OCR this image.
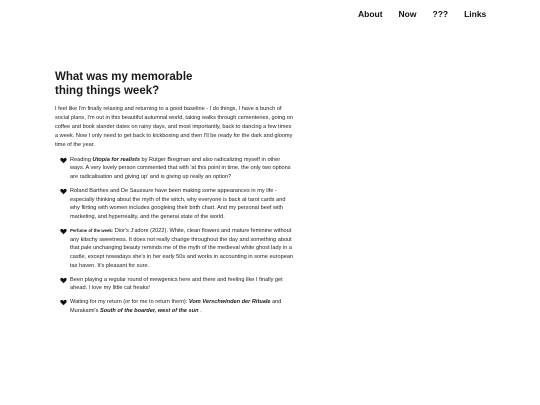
About Now ??? Links
What was my memorable thing things week?

I feel like I'm finally relaxing and returning to a good baseline - I do things, I have a bunch of social plans, I'm out in this beautiful autumnal world, taking walks through cementeries, going on coffee and book slander dates on rainy days, and most importantly, back to dancing a few times a week. Now I only need to get back to kickboxing and then I'll be ready for the dark and gloomy time of the year.

Reading Utopia for realists by Rutger Bregman and also radicalizing myself in other ways. A very lovely person commented that with 'at this point in time, the only two options are radicalisation and giving up' and is giving up really an option?
Roland Barthes and De Saussure have been making some appearances in my life - especially thinking about the myth of the witch, why everyone is back at tarot cards and why flirting with women includes googleing their birth chart. And my personal beef with marketing, and hyperreality, and the general state of the world.
Perfume of the week: Dior's J'adore (2022). White, clean flowers and mature feminine without any kitschy sweetness. It does not really change throughout the day and something about that pale unchanging beauty reminds me of the myth of the medieval white ghost lady in a castle, except nowadays she's in her early 50s and works in accounting in some european tax haven. It's pleasant for sure.
Been playing a regular round of mewgenics here and there and feeling like I finally get ahead. I love my little cat freaks!
Waiting for my return (or for me to return them): Vom Verschwinden der Rituale and Murakami's South of the boarder, west of the sun .
